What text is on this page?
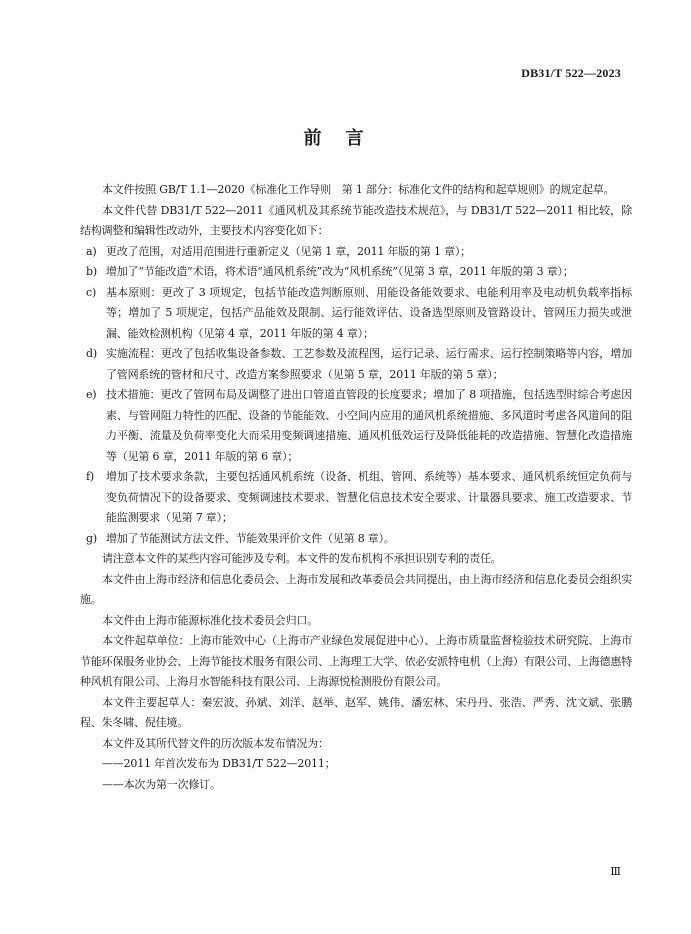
DB31/T 522—2023
前言

本文件按照 GB/T 1.1—2020《标准化工作导则　第 1 部分：标准化文件的结构和起草规则》的规定起草。

本文件代替 DB31/T 522—2011《通风机及其系统节能改造技术规范》，与 DB31/T 522—2011 相比较，除结构调整和编辑性改动外，主要技术内容变化如下：

a) 更改了范围，对适用范围进行重新定义（见第 1 章，2011 年版的第 1 章）；
b) 增加了“节能改造”术语，将术语“通风机系统”改为“风机系统”（见第 3 章，2011 年版的第 3 章）；
c) 基本原则：更改了 3 项规定，包括节能改造判断原则、用能设备能效要求、电能利用率及电动机负载率指标等；增加了 5 项规定，包括产品能效及限制、运行能效评估、设备选型原则及管路设计、管网压力损失或泄漏、能效检测机构（见第 4 章，2011 年版的第 4 章）；
d) 实施流程：更改了包括收集设备参数、工艺参数及流程图，运行记录、运行需求、运行控制策略等内容，增加了管网系统的管材和尺寸、改造方案参照要求（见第 5 章，2011 年版的第 5 章）；
e) 技术措施：更改了管网布局及调整了进出口管道直管段的长度要求；增加了 8 项措施，包括选型时综合考虑因素、与管网阻力特性的匹配、设备的节能能效、小空间内应用的通风机系统措施、多风道时考虑各风道间的阻力平衡、流量及负荷率变化大而采用变频调速措施、通风机低效运行及降低能耗的改造措施、智慧化改造措施等（见第 6 章，2011 年版的第 6 章）；
f)	增加了技术要求条款，主要包括通风机系统（设备、机组、管网、系统等）基本要求、通风机系统恒定负荷与变负荷情况下的设备要求、变频调速技术要求、智慧化信息技术安全要求、计量器具要求、施工改造要求、节能监测要求（见第 7 章）；
g) 增加了节能测试方法文件、节能效果评价文件（见第 8 章）。

请注意本文件的某些内容可能涉及专利。本文件的发布机构不承担识别专利的责任。

本文件由上海市经济和信息化委员会、上海市发展和改革委员会共同提出，由上海市经济和信息化委员会组织实施。

本文件由上海市能源标准化技术委员会归口。

本文件起草单位：上海市能效中心（上海市产业绿色发展促进中心）、上海市质量监督检验技术研究院、上海市节能环保服务业协会、上海节能技术服务有限公司、上海理工大学、依必安派特电机（上海）有限公司、上海德惠特种风机有限公司、上海月水智能科技有限公司、上海源悦检测股份有限公司。

本文件主要起草人：秦宏波、孙斌、刘洋、赵举、赵军、姚伟、潘宏林、宋丹丹、张浩、严秀、沈文斌、张鹏程、朱冬啸、倪佳境。

本文件及其所代替文件的历次版本发布情况为：

——2011 年首次发布为 DB31/T 522—2011；

——本次为第一次修订。

Ⅲ
